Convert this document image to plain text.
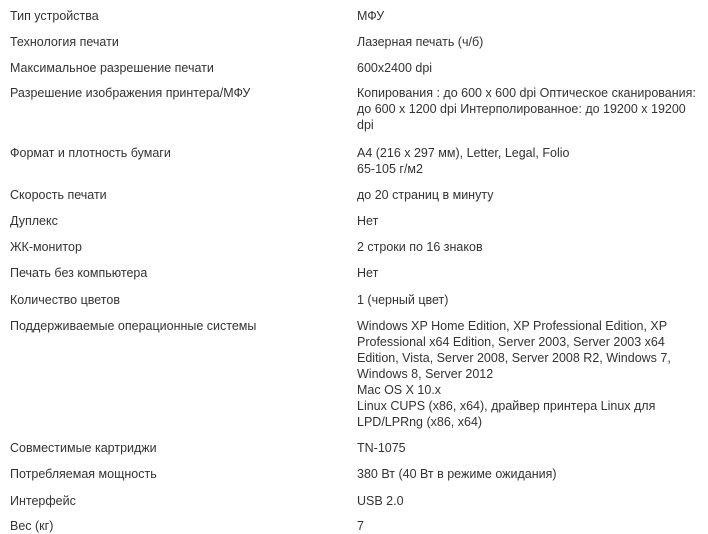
Тип устройства	МФУ
Технология печати	Лазерная печать (ч/б)
Максимальное разрешение печати	600x2400 dpi
Разрешение изображения принтера/МФУ	Копирования : до 600 x 600 dpi Оптическое сканирования: до 600 x 1200 dpi Интерполированное: до 19200 x 19200 dpi
Формат и плотность бумаги	A4 (216 x 297 мм), Letter, Legal, Folio
65-105 г/м2
Скорость печати	до 20 страниц в минуту
Дуплекс	Нет
ЖК-монитор	2 строки по 16 знаков
Печать без компьютера	Нет
Количество цветов	1 (черный цвет)
Поддерживаемые операционные системы	Windows XP Home Edition, XP Professional Edition, XP Professional x64 Edition, Server 2003, Server 2003 x64 Edition, Vista, Server 2008, Server 2008 R2, Windows 7, Windows 8, Server 2012
Mac OS X 10.x
Linux CUPS (x86, x64), драйвер принтера Linux для LPD/LPRng (x86, x64)
Совместимые картриджи	TN-1075
Потребляемая мощность	380 Вт (40 Вт в режиме ожидания)
Интерфейс	USB 2.0
Вес (кг)	7
